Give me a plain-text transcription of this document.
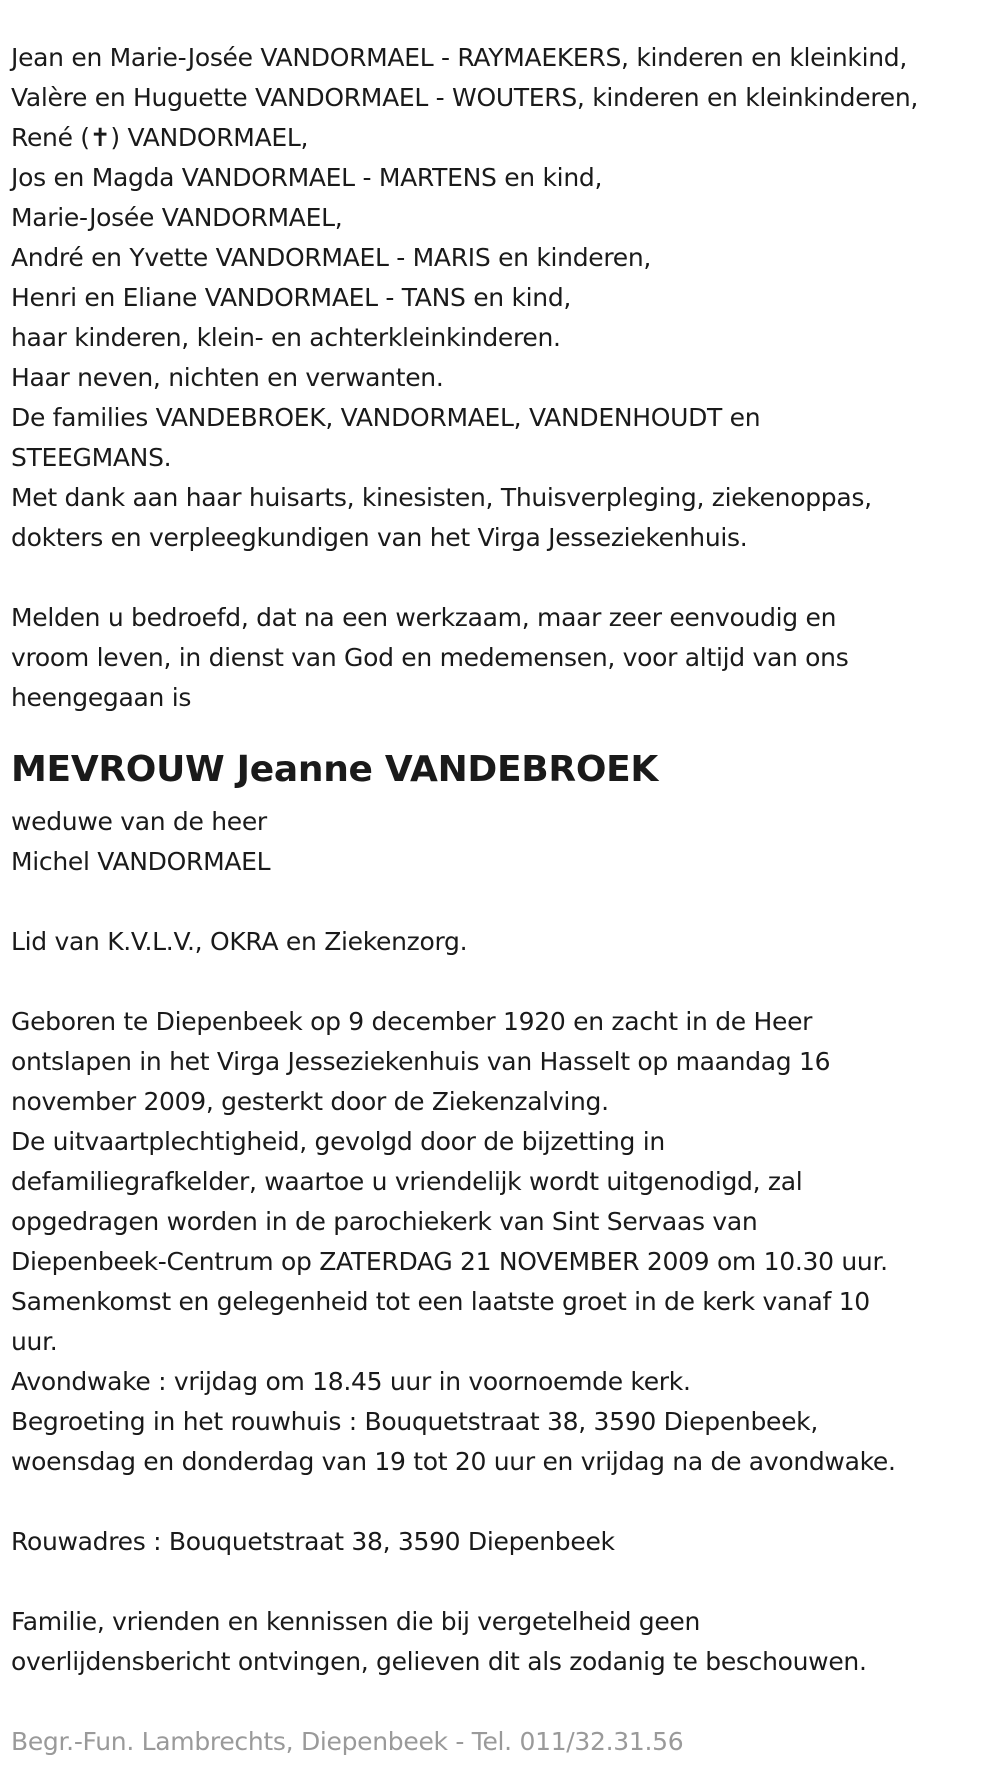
Jean en Marie-Josée VANDORMAEL - RAYMAEKERS, kinderen en kleinkind,
Valère en Huguette VANDORMAEL - WOUTERS, kinderen en kleinkinderen,
René (✝) VANDORMAEL,
Jos en Magda VANDORMAEL - MARTENS en kind,
Marie-Josée VANDORMAEL,
André en Yvette VANDORMAEL - MARIS en kinderen,
Henri en Eliane VANDORMAEL - TANS en kind,
haar kinderen, klein- en achterkleinkinderen.
Haar neven, nichten en verwanten.
De families VANDEBROEK, VANDORMAEL, VANDENHOUDT en
STEEGMANS.
Met dank aan haar huisarts, kinesisten, Thuisverpleging, ziekenoppas,
dokters en verpleegkundigen van het Virga Jesseziekenhuis.
Melden u bedroefd, dat na een werkzaam, maar zeer eenvoudig en
vroom leven, in dienst van God en medemensen, voor altijd van ons
heengegaan is
MEVROUW Jeanne VANDEBROEK
weduwe van de heer
Michel VANDORMAEL
Lid van K.V.L.V., OKRA en Ziekenzorg.
Geboren te Diepenbeek op 9 december 1920 en zacht in de Heer
ontslapen in het Virga Jesseziekenhuis van Hasselt op maandag 16
november 2009, gesterkt door de Ziekenzalving.
De uitvaartplechtigheid, gevolgd door de bijzetting in
defamiliegrafkelder, waartoe u vriendelijk wordt uitgenodigd, zal
opgedragen worden in de parochiekerk van Sint Servaas van
Diepenbeek-Centrum op ZATERDAG 21 NOVEMBER 2009 om 10.30 uur.
Samenkomst en gelegenheid tot een laatste groet in de kerk vanaf 10
uur.
Avondwake : vrijdag om 18.45 uur in voornoemde kerk.
Begroeting in het rouwhuis : Bouquetstraat 38, 3590 Diepenbeek,
woensdag en donderdag van 19 tot 20 uur en vrijdag na de avondwake.
Rouwadres : Bouquetstraat 38, 3590 Diepenbeek
Familie, vrienden en kennissen die bij vergetelheid geen
overlijdensbericht ontvingen, gelieven dit als zodanig te beschouwen.
Begr.-Fun. Lambrechts, Diepenbeek - Tel. 011/32.31.56
